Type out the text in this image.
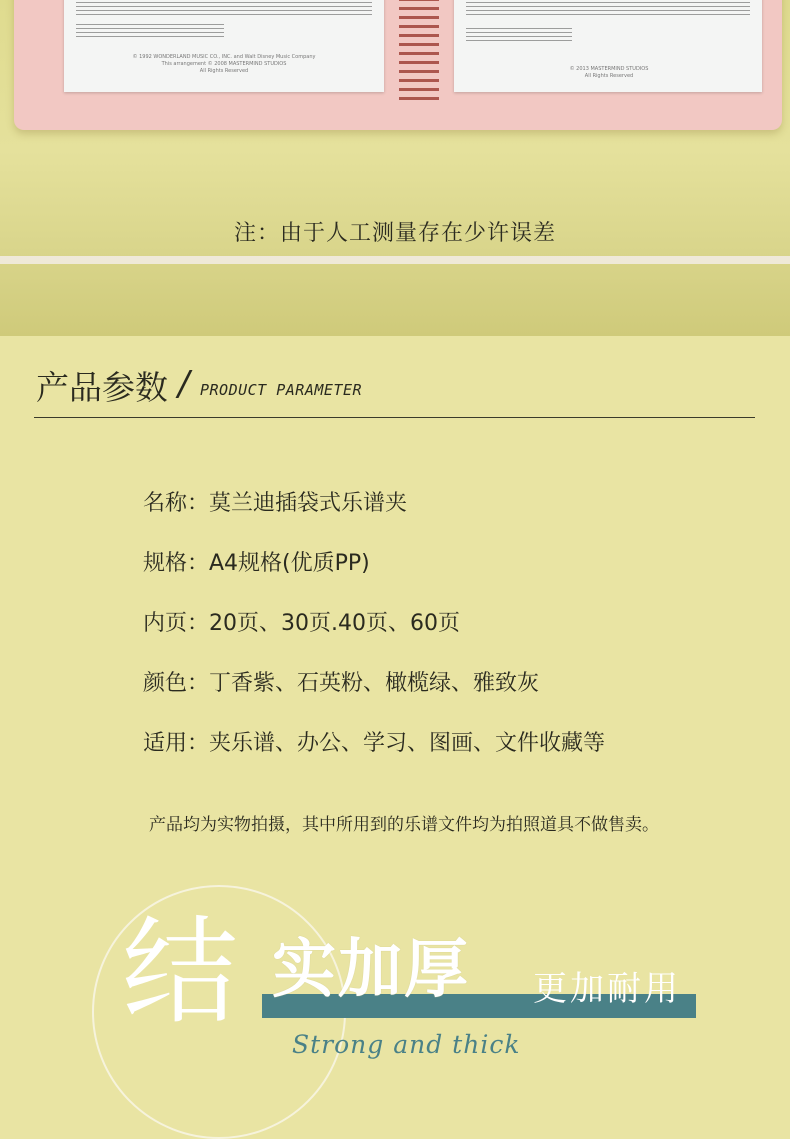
© 1992 WONDERLAND MUSIC CO., INC. and Walt Disney Music Company
This arrangement © 2008 MASTERMIND STUDIOS
All Rights Reserved	© 2013 MASTERMIND STUDIOS
All Rights Reserved
注：由于人工测量存在少许误差
产品参数 / PRODUCT PARAMETER
名称：莫兰迪插袋式乐谱夹
规格：A4规格(优质PP)
内页：20页、30页.40页、60页
颜色：丁香紫、石英粉、橄榄绿、雅致灰
适用：夹乐谱、办公、学习、图画、文件收藏等
产品均为实物拍摄，其中所用到的乐谱文件均为拍照道具不做售卖。
结 实加厚 更加耐用
Strong and thick
